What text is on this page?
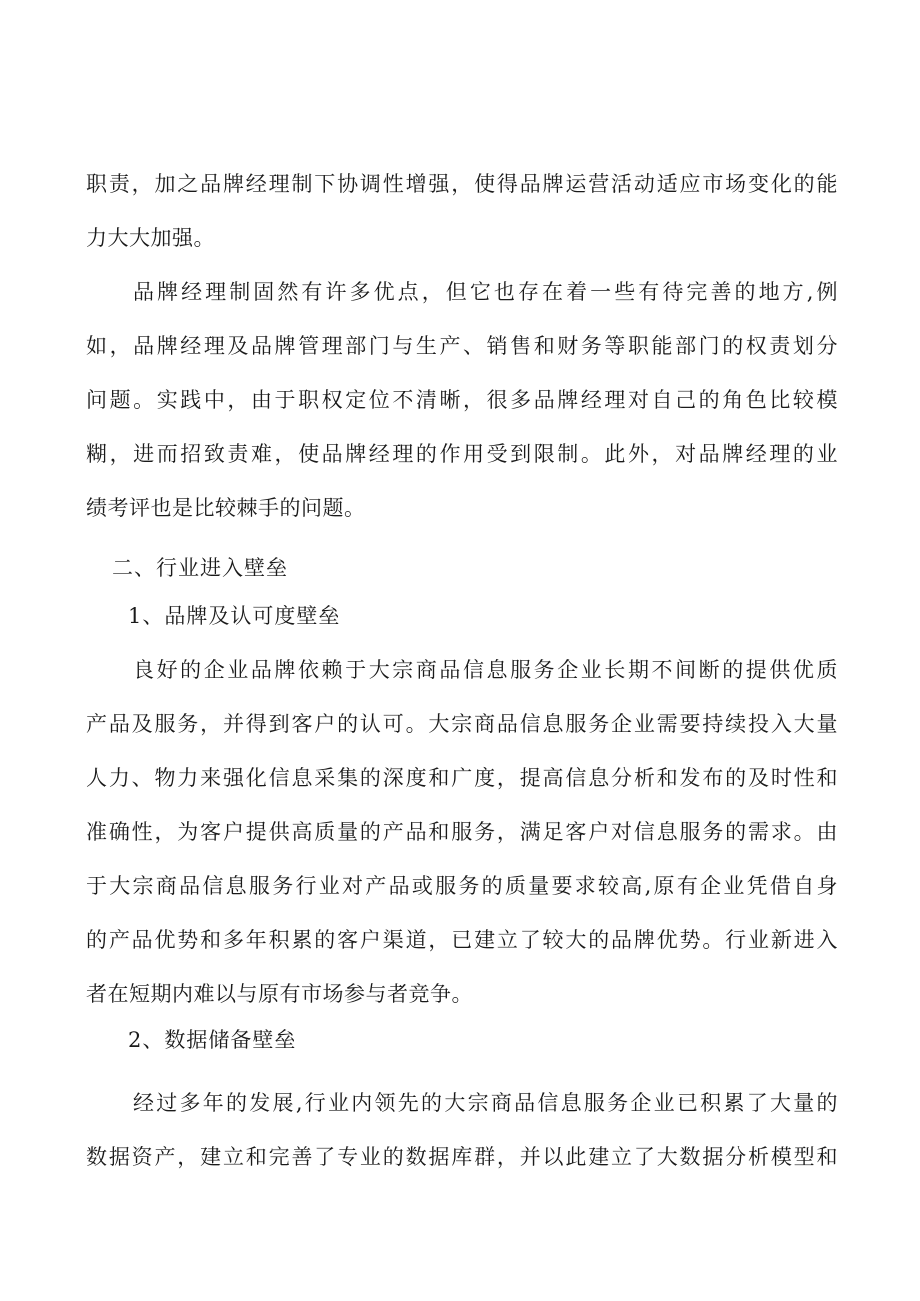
职责，加之品牌经理制下协调性增强，使得品牌运营活动适应市场变化的能
力大大加强。
品牌经理制固然有许多优点，但它也存在着一些有待完善的地方,例
如，品牌经理及品牌管理部门与生产、销售和财务等职能部门的权责划分
问题。实践中，由于职权定位不清晰，很多品牌经理对自己的角色比较模
糊，进而招致责难，使品牌经理的作用受到限制。此外，对品牌经理的业
绩考评也是比较棘手的问题。
二、行业进入壁垒
1、品牌及认可度壁垒
良好的企业品牌依赖于大宗商品信息服务企业长期不间断的提供优质
产品及服务，并得到客户的认可。大宗商品信息服务企业需要持续投入大量
人力、物力来强化信息采集的深度和广度，提高信息分析和发布的及时性和
准确性，为客户提供高质量的产品和服务，满足客户对信息服务的需求。由
于大宗商品信息服务行业对产品或服务的质量要求较高,原有企业凭借自身
的产品优势和多年积累的客户渠道，已建立了较大的品牌优势。行业新进入
者在短期内难以与原有市场参与者竞争。
2、数据储备壁垒
经过多年的发展,行业内领先的大宗商品信息服务企业已积累了大量的
数据资产，建立和完善了专业的数据库群，并以此建立了大数据分析模型和
